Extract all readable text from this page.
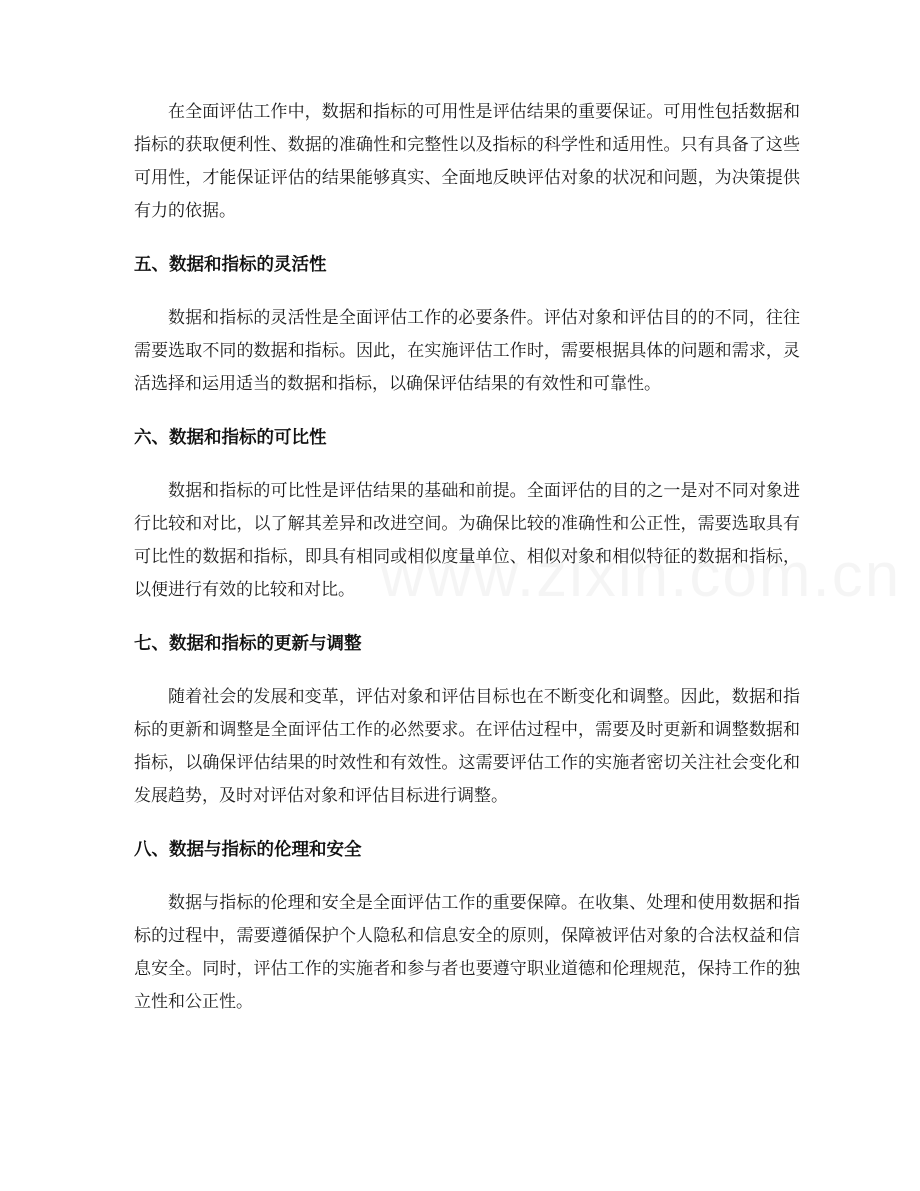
在全面评估工作中，数据和指标的可用性是评估结果的重要保证。可用性包括数据和指标的获取便利性、数据的准确性和完整性以及指标的科学性和适用性。只有具备了这些可用性，才能保证评估的结果能够真实、全面地反映评估对象的状况和问题，为决策提供有力的依据。

五、数据和指标的灵活性

数据和指标的灵活性是全面评估工作的必要条件。评估对象和评估目的的不同，往往需要选取不同的数据和指标。因此，在实施评估工作时，需要根据具体的问题和需求，灵活选择和运用适当的数据和指标，以确保评估结果的有效性和可靠性。

六、数据和指标的可比性

数据和指标的可比性是评估结果的基础和前提。全面评估的目的之一是对不同对象进行比较和对比，以了解其差异和改进空间。为确保比较的准确性和公正性，需要选取具有可比性的数据和指标，即具有相同或相似度量单位、相似对象和相似特征的数据和指标，以便进行有效的比较和对比。

七、数据和指标的更新与调整

随着社会的发展和变革，评估对象和评估目标也在不断变化和调整。因此，数据和指标的更新和调整是全面评估工作的必然要求。在评估过程中，需要及时更新和调整数据和指标，以确保评估结果的时效性和有效性。这需要评估工作的实施者密切关注社会变化和发展趋势，及时对评估对象和评估目标进行调整。

八、数据与指标的伦理和安全

数据与指标的伦理和安全是全面评估工作的重要保障。在收集、处理和使用数据和指标的过程中，需要遵循保护个人隐私和信息安全的原则，保障被评估对象的合法权益和信息安全。同时，评估工作的实施者和参与者也要遵守职业道德和伦理规范，保持工作的独立性和公正性。
